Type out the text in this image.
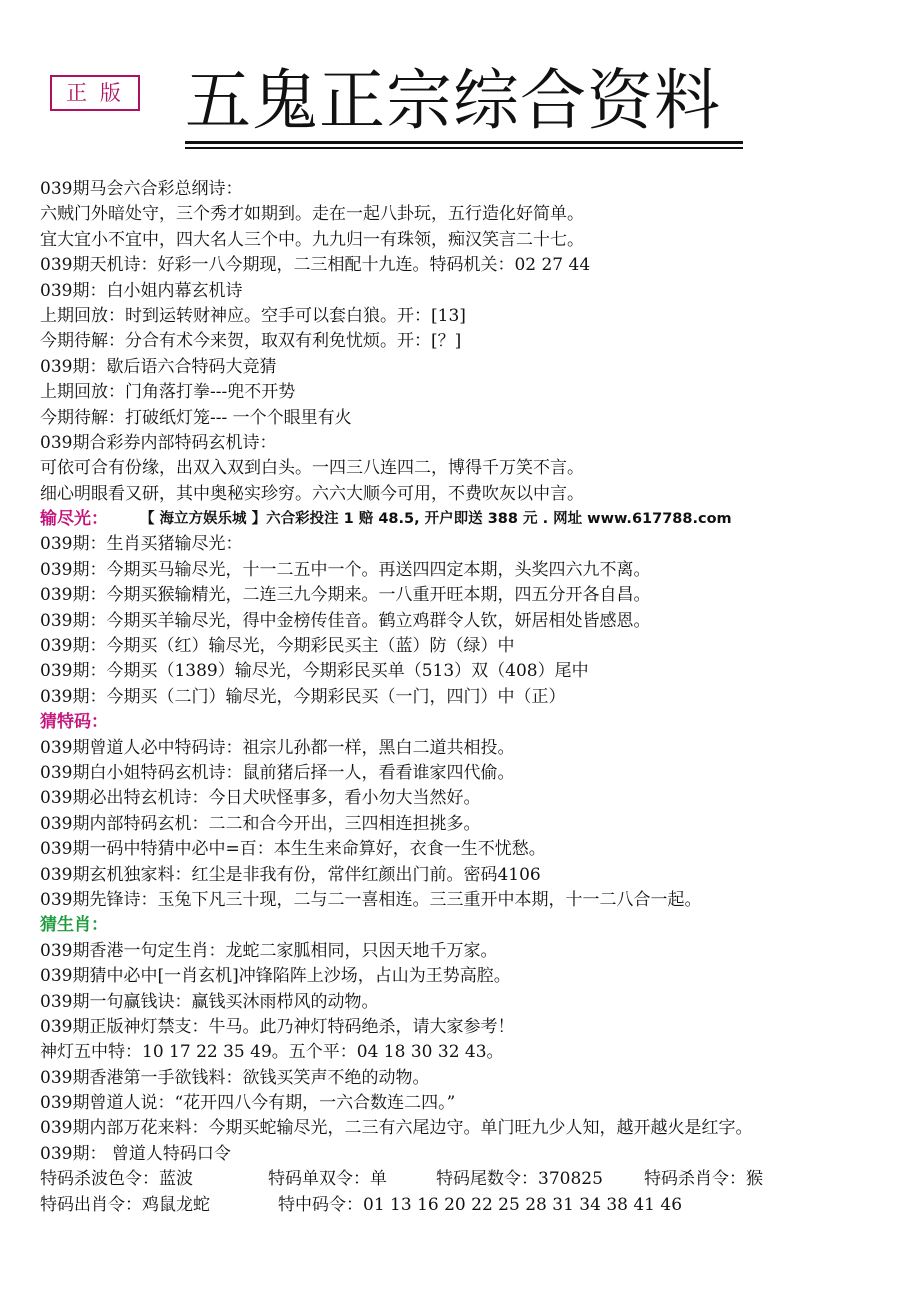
正 版 五鬼正宗综合资料
039期马会六合彩总纲诗：
六贼门外暗处守，三个秀才如期到。走在一起八卦玩，五行造化好简单。
宜大宜小不宜中，四大名人三个中。九九归一有珠领，痴汉笑言二十七。
039期天机诗：好彩一八今期现，二三相配十九连。特码机关：02 27 44
039期：白小姐内幕玄机诗
上期回放：时到运转财神应。空手可以套白狼。开：[13]
今期待解：分合有术今来贺，取双有利免忧烦。开：[？]
039期：歇后语六合特码大竞猜
上期回放：门角落打拳---兜不开势
今期待解：打破纸灯笼--- 一个个眼里有火
039期合彩券内部特码玄机诗：
可依可合有份缘，出双入双到白头。一四三八连四二，博得千万笑不言。
细心明眼看又研，其中奥秘实珍穷。六六大顺今可用，不费吹灰以中言。
输尽光：	【 海立方娱乐城 】六合彩投注 1 赔 48.5, 开户即送 388 元 . 网址 www.617788.com
039期：生肖买猪输尽光：
039期：今期买马输尽光，十一二五中一个。再送四四定本期，头奖四六九不离。
039期：今期买猴输精光，二连三九今期来。一八重开旺本期，四五分开各自昌。
039期：今期买羊输尽光，得中金榜传佳音。鹤立鸡群令人钦，妍居相处皆感恩。
039期：今期买（红）输尽光，今期彩民买主（蓝）防（绿）中
039期：今期买（1389）输尽光，今期彩民买单（513）双（408）尾中
039期：今期买（二门）输尽光，今期彩民买（一门，四门）中（正）
猜特码：
039期曾道人必中特码诗：祖宗儿孙都一样，黑白二道共相投。
039期白小姐特码玄机诗：鼠前猪后择一人，看看谁家四代偷。
039期必出特玄机诗：今日犬吠怪事多，看小勿大当然好。
039期内部特码玄机：二二和合今开出，三四相连担挑多。
039期一码中特猜中必中=百：本生生来命算好，衣食一生不忧愁。
039期玄机独家料：红尘是非我有份，常伴红颜出门前。密码4106
039期先锋诗：玉兔下凡三十现，二与二一喜相连。三三重开中本期，十一二八合一起。
猜生肖：
039期香港一句定生肖：龙蛇二家胍相同，只因天地千万家。
039期猜中必中[一肖玄机]冲锋陷阵上沙场，占山为王势高腔。
039期一句赢钱诀：赢钱买沐雨栉风的动物。
039期正版神灯禁支：牛马。此乃神灯特码绝杀，请大家参考！
神灯五中特：10 17 22 35 49。五个平：04 18 30 32 43。
039期香港第一手欲钱料：欲钱买笑声不绝的动物。
039期曾道人说：“花开四八今有期，一六合数连二四。”
039期内部万花来料：今期买蛇输尽光，二三有六尾边守。单门旺九少人知，越开越火是红字。
039期： 曾道人特码口令
特码杀波色令：蓝波	特码单双令：单	特码尾数令：370825	特码杀肖令：猴
特码出肖令：鸡鼠龙蛇	特中码令：01 13 16 20 22 25 28 31 34 38 41 46
